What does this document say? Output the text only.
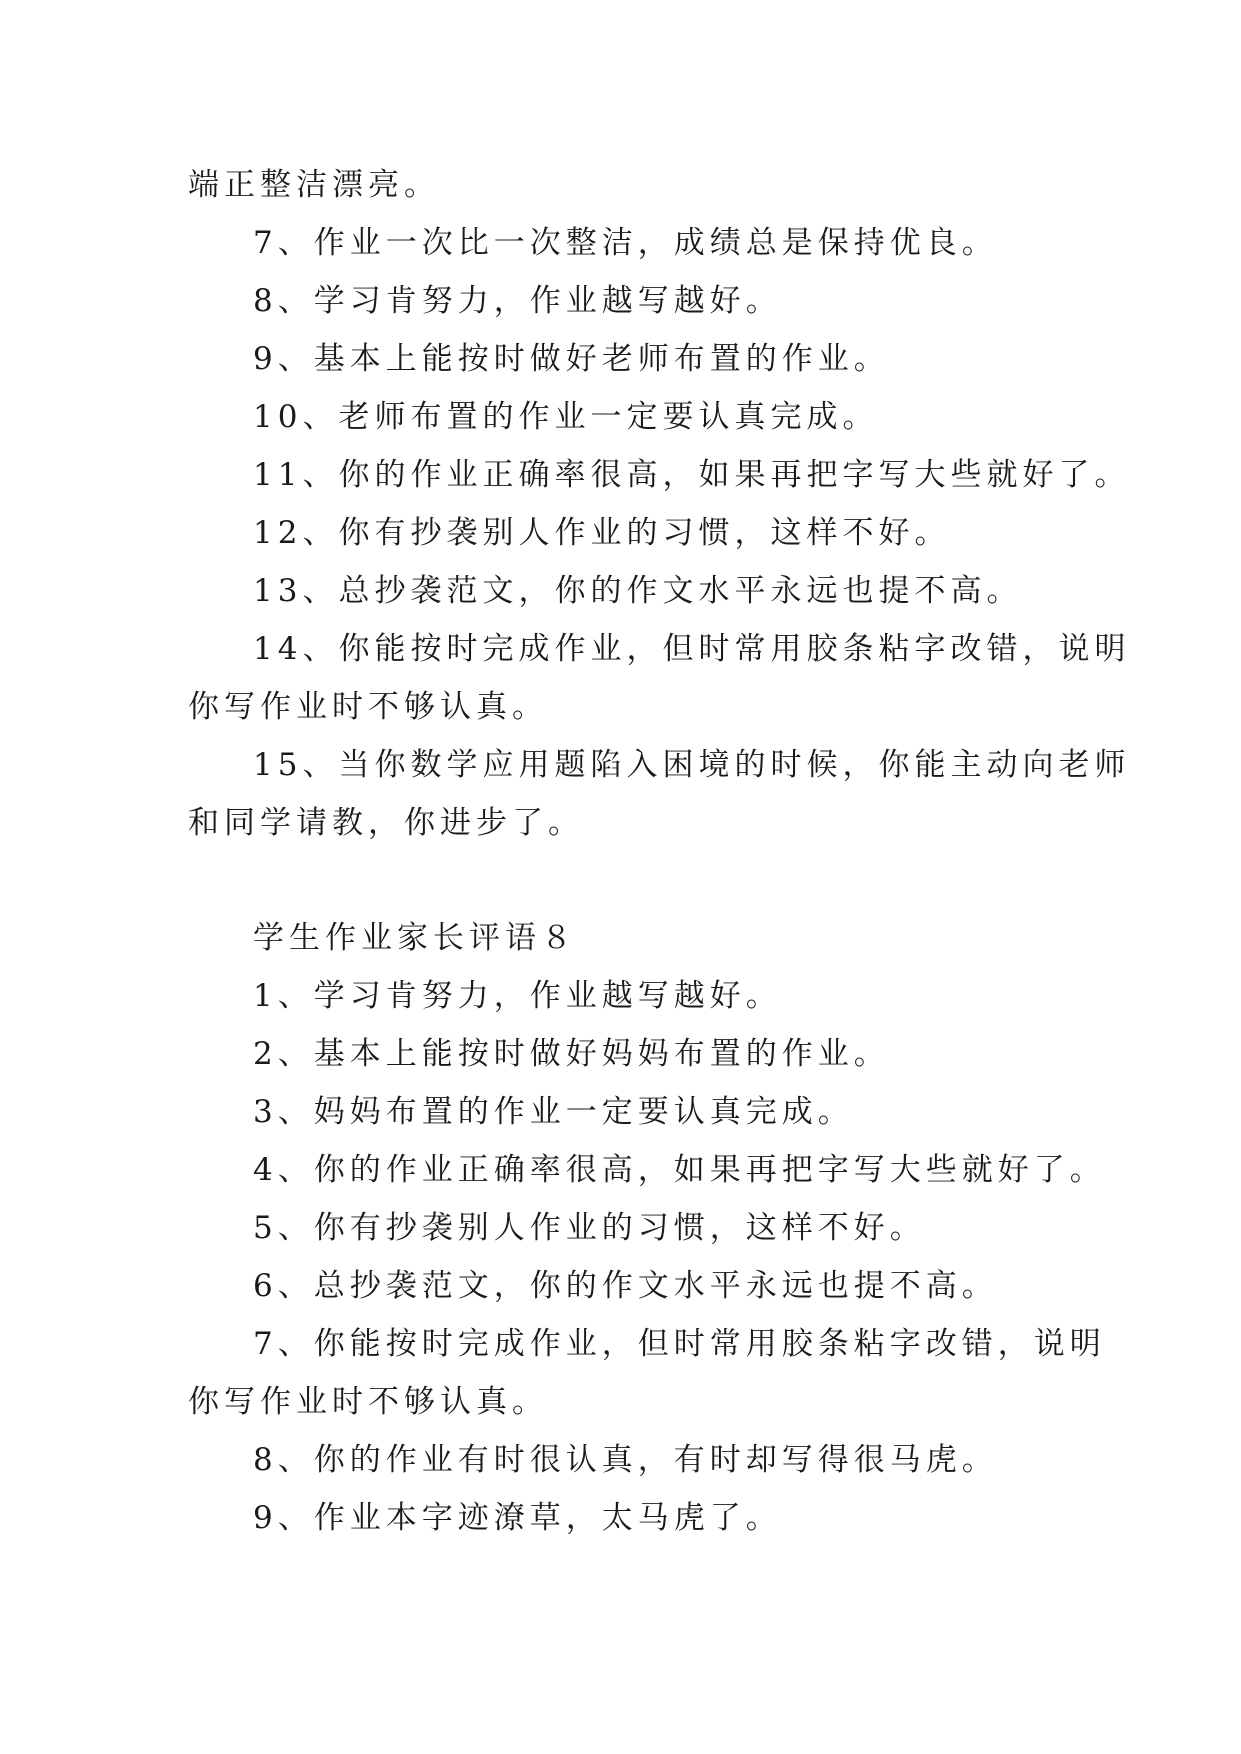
端正整洁漂亮。

7、作业一次比一次整洁，成绩总是保持优良。

8、学习肯努力，作业越写越好。

9、基本上能按时做好老师布置的作业。

10、老师布置的作业一定要认真完成。

11、你的作业正确率很高，如果再把字写大些就好了。

12、你有抄袭别人作业的习惯，这样不好。

13、总抄袭范文，你的作文水平永远也提不高。

14、你能按时完成作业，但时常用胶条粘字改错，说明

你写作业时不够认真。

15、当你数学应用题陷入困境的时候，你能主动向老师

和同学请教，你进步了。

学生作业家长评语８

1、学习肯努力，作业越写越好。

2、基本上能按时做好妈妈布置的作业。

3、妈妈布置的作业一定要认真完成。

4、你的作业正确率很高，如果再把字写大些就好了。

5、你有抄袭别人作业的习惯，这样不好。

6、总抄袭范文，你的作文水平永远也提不高。

7、你能按时完成作业，但时常用胶条粘字改错，说明

你写作业时不够认真。

8、你的作业有时很认真，有时却写得很马虎。

9、作业本字迹潦草，太马虎了。
